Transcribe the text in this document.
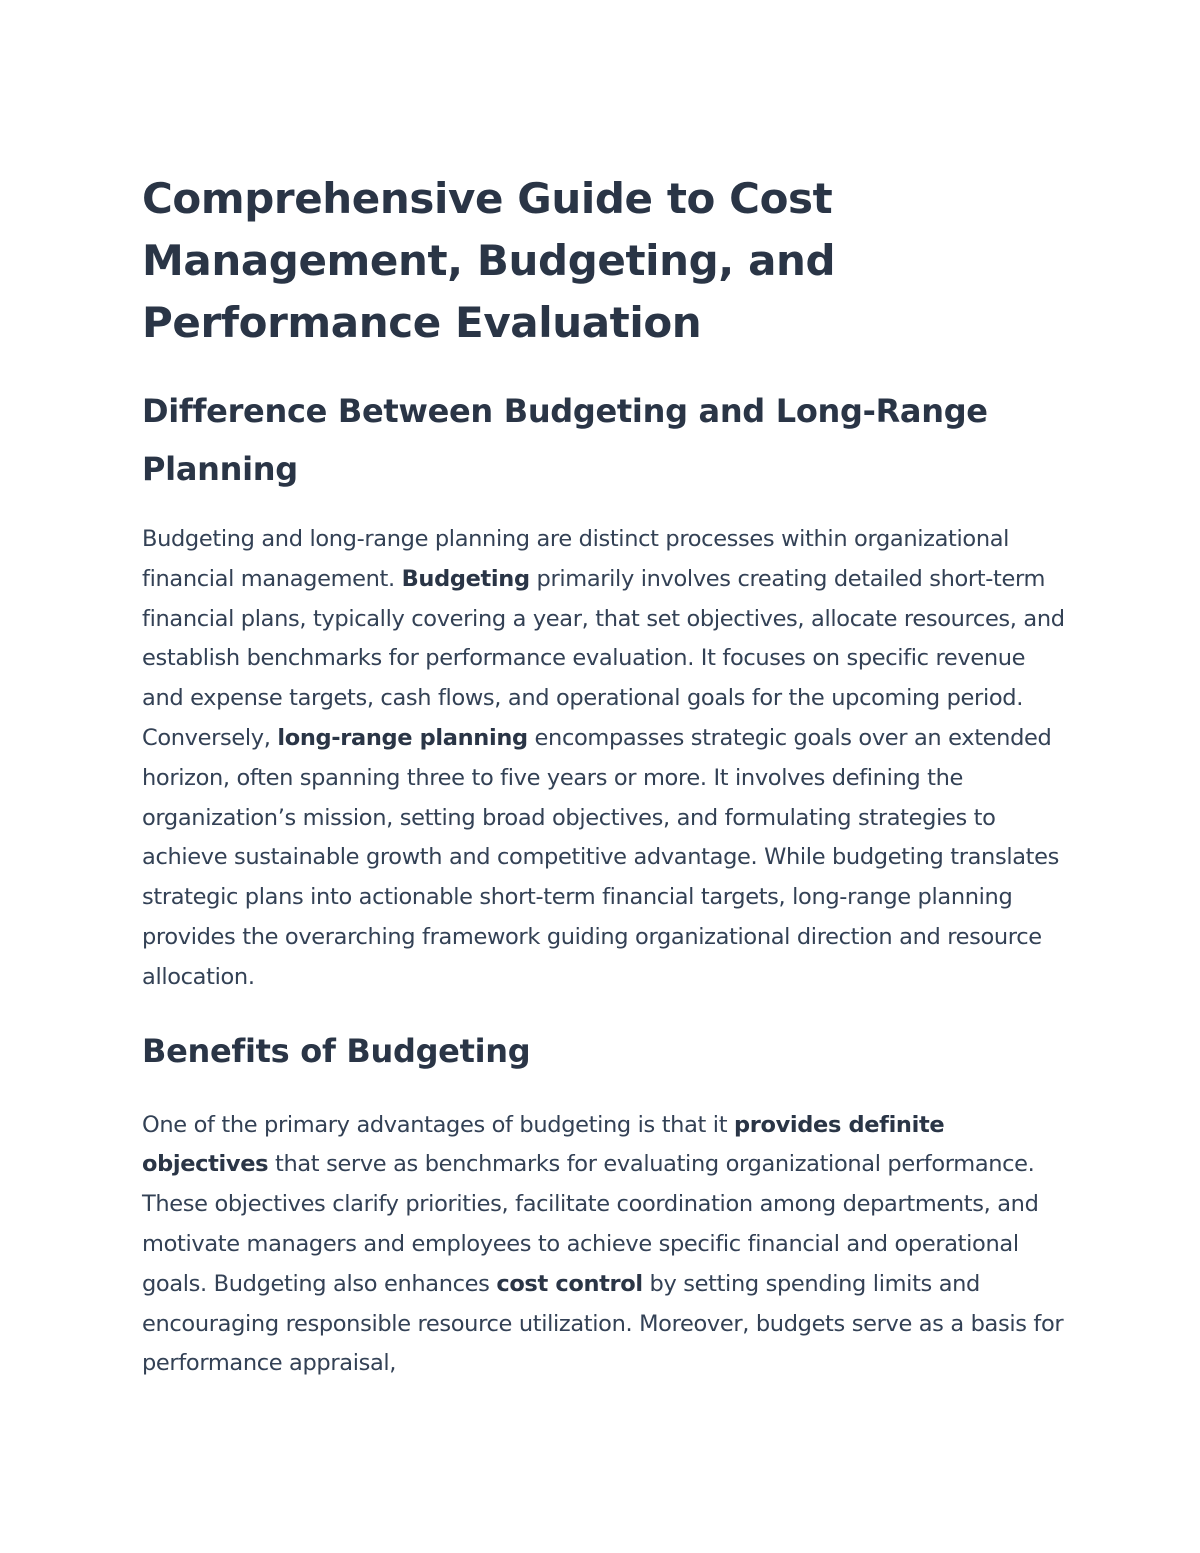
Comprehensive Guide to Cost Management, Budgeting, and Performance Evaluation
Difference Between Budgeting and Long-Range Planning

Budgeting and long-range planning are distinct processes within organizational financial management. Budgeting primarily involves creating detailed short-term financial plans, typically covering a year, that set objectives, allocate resources, and establish benchmarks for performance evaluation. It focuses on specific revenue and expense targets, cash flows, and operational goals for the upcoming period. Conversely, long-range planning encompasses strategic goals over an extended horizon, often spanning three to five years or more. It involves defining the organization’s mission, setting broad objectives, and formulating strategies to achieve sustainable growth and competitive advantage. While budgeting translates strategic plans into actionable short-term financial targets, long-range planning provides the overarching framework guiding organizational direction and resource allocation.

Benefits of Budgeting

One of the primary advantages of budgeting is that it provides definite objectives that serve as benchmarks for evaluating organizational performance. These objectives clarify priorities, facilitate coordination among departments, and motivate managers and employees to achieve specific financial and operational goals. Budgeting also enhances cost control by setting spending limits and encouraging responsible resource utilization. Moreover, budgets serve as a basis for performance appraisal,
